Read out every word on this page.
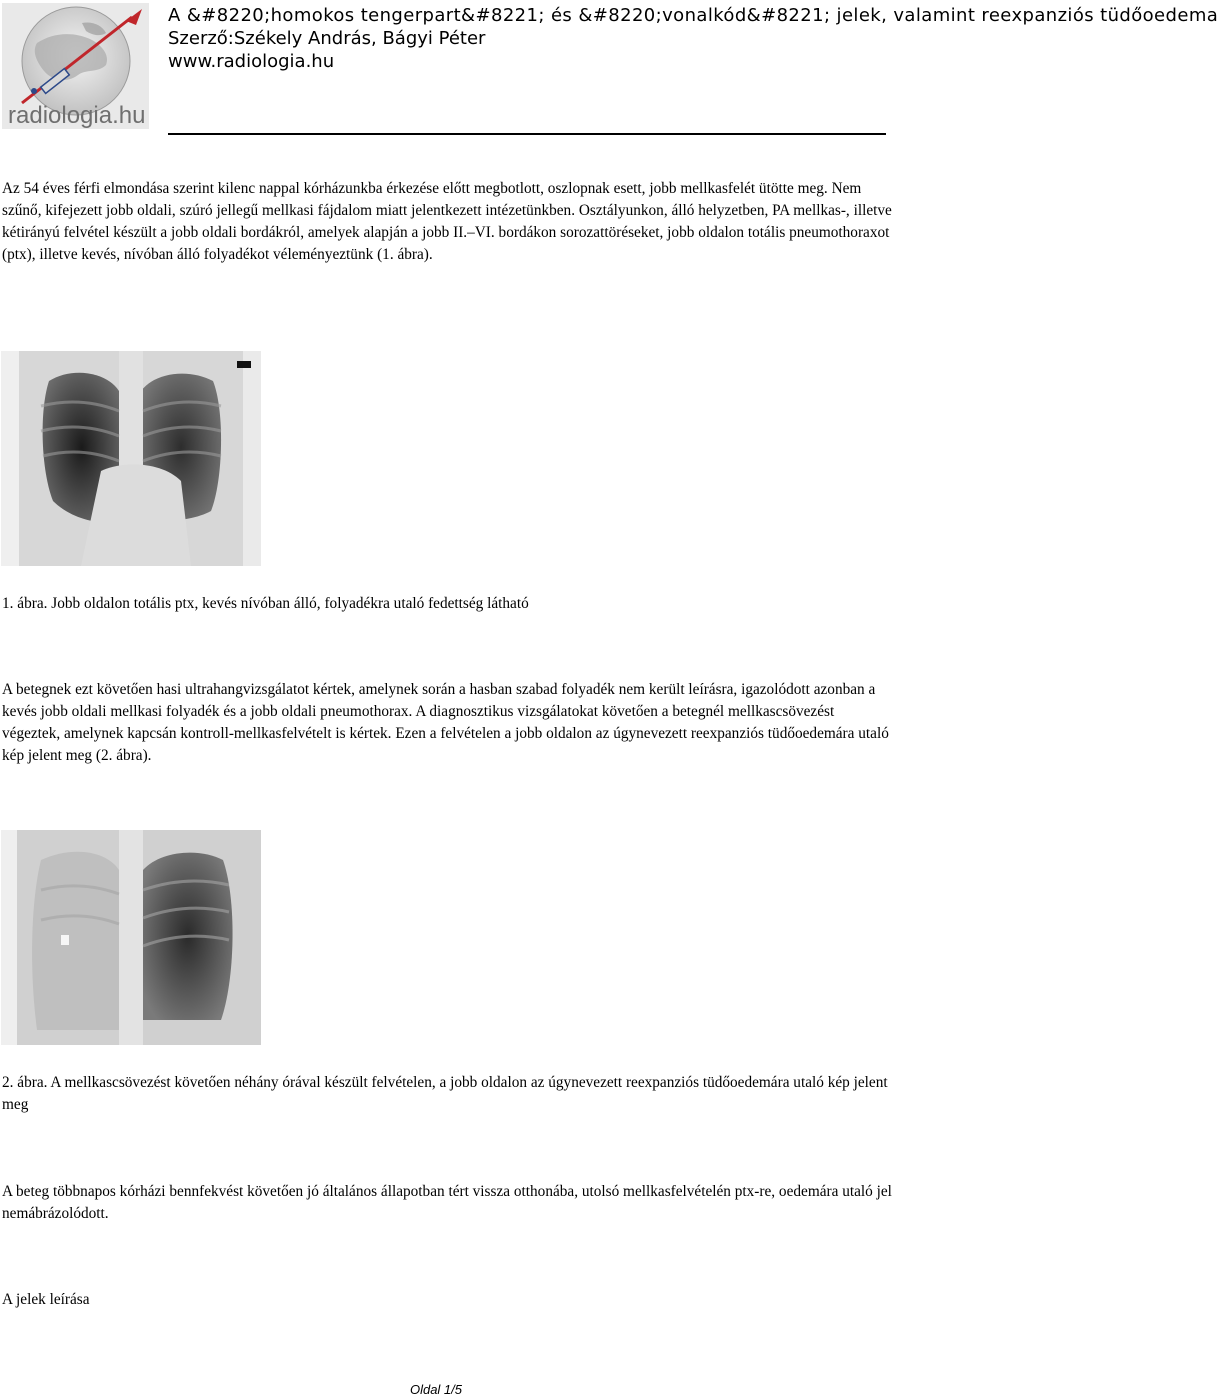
radiologia.hu
A &#8220;homokos tengerpart&#8221; és &#8220;vonalkód&#8221; jelek, valamint reexpanziós tüdőoedema
Szerző:Székely András, Bágyi Péter
www.radiologia.hu

Az 54 éves férfi elmondása szerint kilenc nappal kórházunkba érkezése előtt megbotlott, oszlopnak esett, jobb mellkasfelét ütötte meg. Nem szűnő, kifejezett jobb oldali, szúró jellegű mellkasi fájdalom miatt jelentkezett intézetünkben. Osztályunkon, álló helyzetben, PA mellkas-, illetve kétirányú felvétel készült a jobb oldali bordákról, amelyek alapján a jobb II.–VI. bordákon sorozattöréseket, jobb oldalon totális pneumothoraxot (ptx), illetve kevés, nívóban álló folyadékot véleményeztünk (1. ábra).

1. ábra. Jobb oldalon totális ptx, kevés nívóban álló, folyadékra utaló fedettség látható

A betegnek ezt követően hasi ultrahangvizsgálatot kértek, amelynek során a hasban szabad folyadék nem került leírásra, igazolódott azonban a kevés jobb oldali mellkasi folyadék és a jobb oldali pneumothorax. A diagnosztikus vizsgálatokat követően a betegnél mellkascsövezést végeztek, amelynek kapcsán kontroll-mellkasfelvételt is kértek. Ezen a felvételen a jobb oldalon az úgynevezett reexpanziós tüdőoedemára utaló kép jelent meg (2. ábra).

2. ábra. A mellkascsövezést követően néhány órával készült felvételen, a jobb oldalon az úgynevezett reexpanziós tüdőoedemára utaló kép jelent meg

A beteg többnapos kórházi bennfekvést követően jó általános állapotban tért vissza otthonába, utolsó mellkasfelvételén ptx-re, oedemára utaló jel nemábrázolódott.

A jelek leírása

Oldal 1/5
